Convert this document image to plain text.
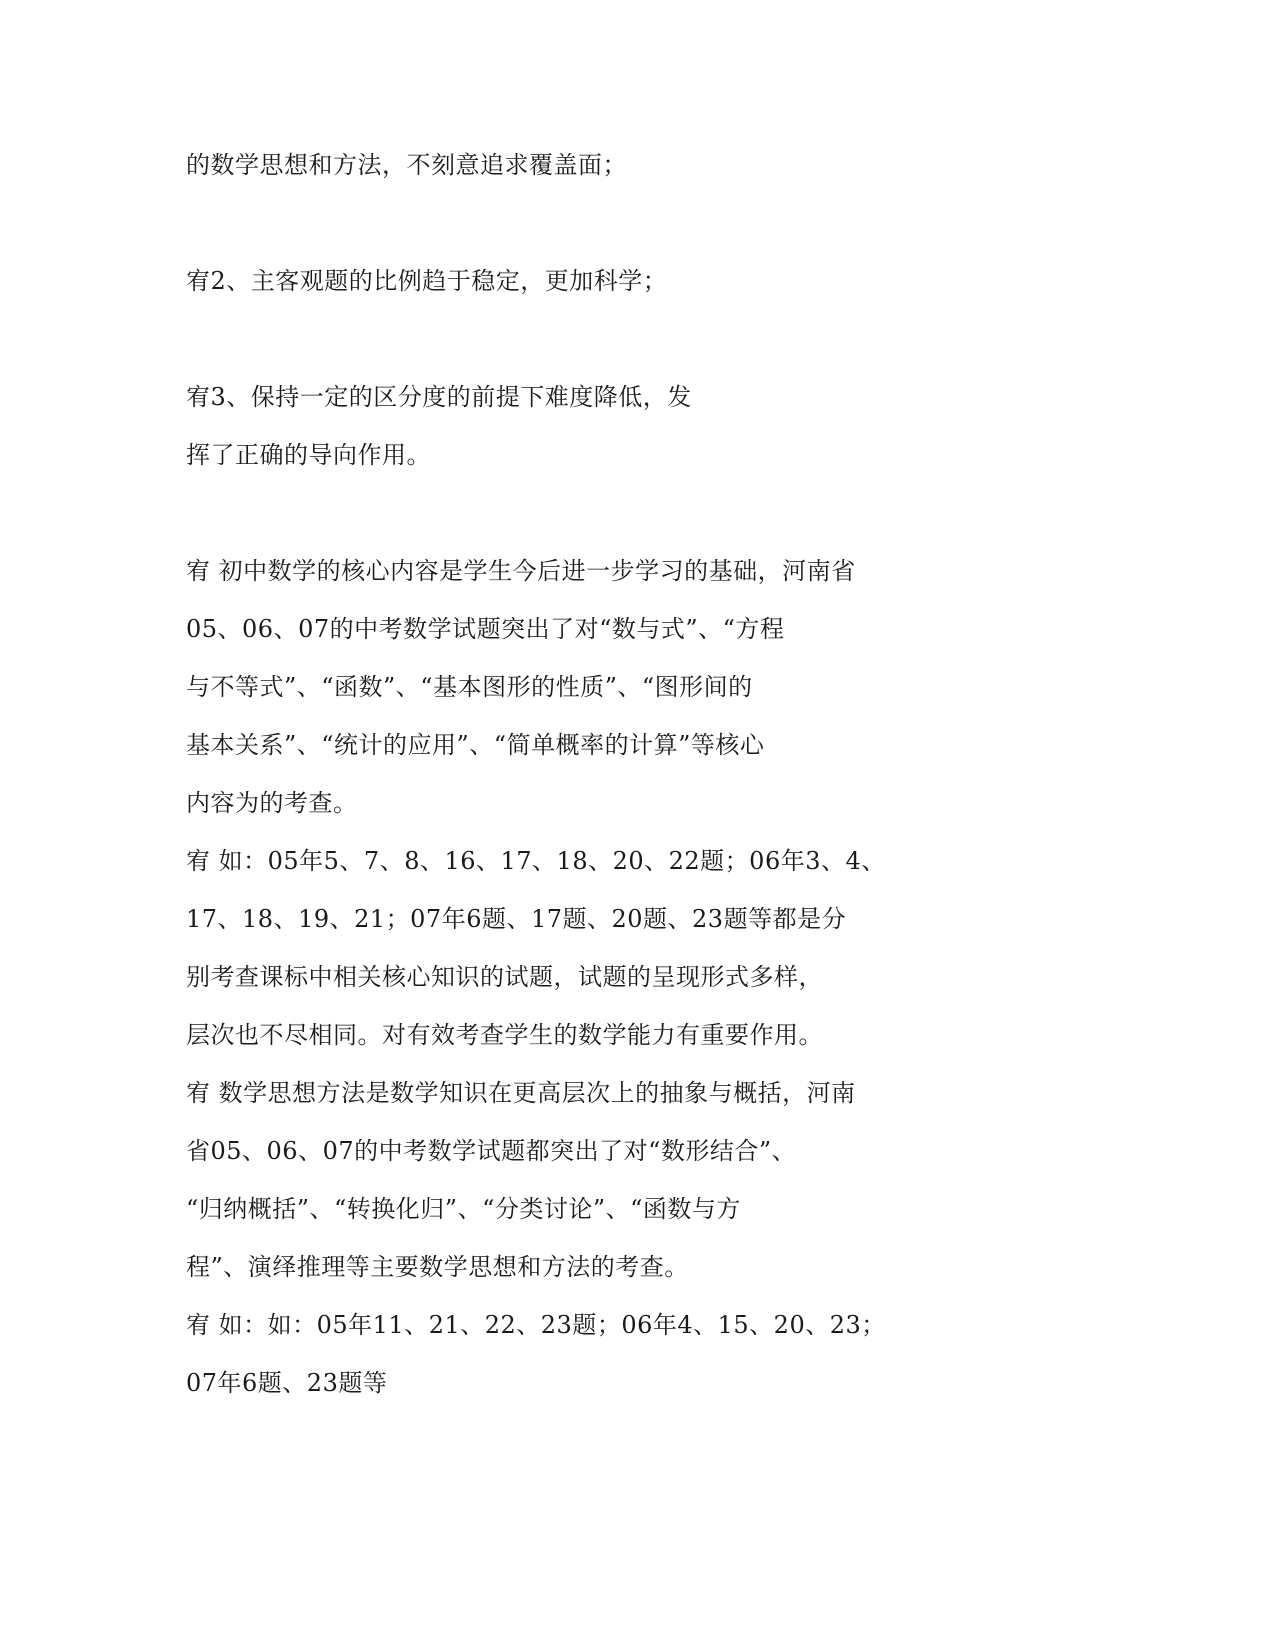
的数学思想和方法，不刻意追求覆盖面；

宥2、主客观题的比例趋于稳定，更加科学；

宥3、保持一定的区分度的前提下难度降低，发

挥了正确的导向作用。

宥 初中数学的核心内容是学生今后进一步学习的基础，河南省

05、06、07的中考数学试题突出了对“数与式”、“方程

与不等式”、“函数”、“基本图形的性质”、“图形间的

基本关系”、“统计的应用”、“简单概率的计算”等核心

内容为的考查。

宥 如：05年5、7、8、16、17、18、20、22题；06年3、4、

17、18、19、21；07年6题、17题、20题、23题等都是分

别考查课标中相关核心知识的试题，试题的呈现形式多样，

层次也不尽相同。对有效考查学生的数学能力有重要作用。

宥 数学思想方法是数学知识在更高层次上的抽象与概括，河南

省05、06、07的中考数学试题都突出了对“数形结合”、

“归纳概括”、“转换化归”、“分类讨论”、“函数与方

程”、演绎推理等主要数学思想和方法的考查。

宥 如：如：05年11、21、22、23题；06年4、15、20、23；

07年6题、23题等
